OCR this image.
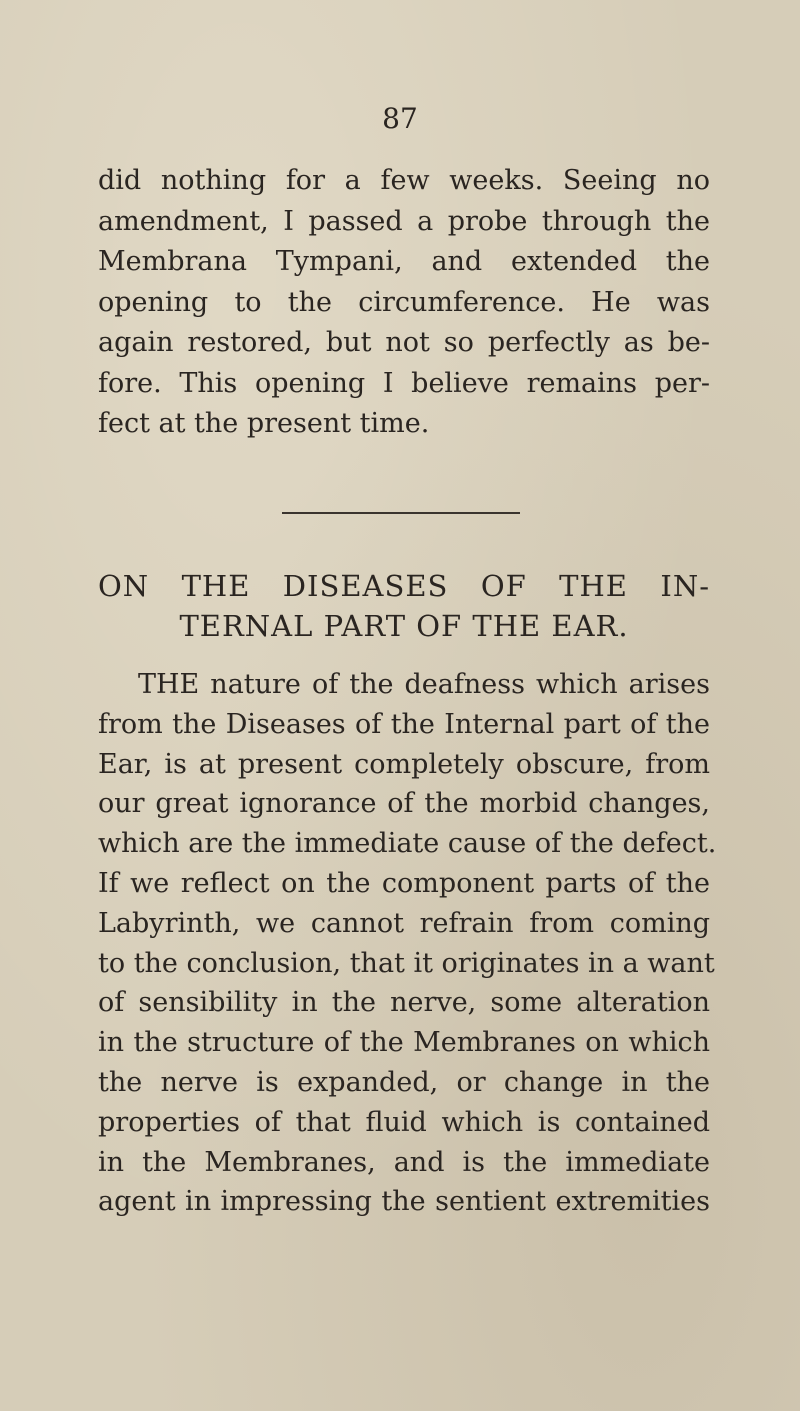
87

did nothing for a few weeks. Seeing no
amendment, I passed a probe through the
Membrana Tympani, and extended the
opening to the circumference. He was
again restored, but not so perfectly as be-
fore. This opening I believe remains per-
fect at the present time.

ON THE DISEASES OF THE IN-
TERNAL PART OF THE EAR.

THE nature of the deafness which arises
from the Diseases of the Internal part of the
Ear, is at present completely obscure, from
our great ignorance of the morbid changes,
which are the immediate cause of the defect.
If we reflect on the component parts of the
Labyrinth, we cannot refrain from coming
to the conclusion, that it originates in a want
of sensibility in the nerve, some alteration
in the structure of the Membranes on which
the nerve is expanded, or change in the
properties of that fluid which is contained
in the Membranes, and is the immediate
agent in impressing the sentient extremities
